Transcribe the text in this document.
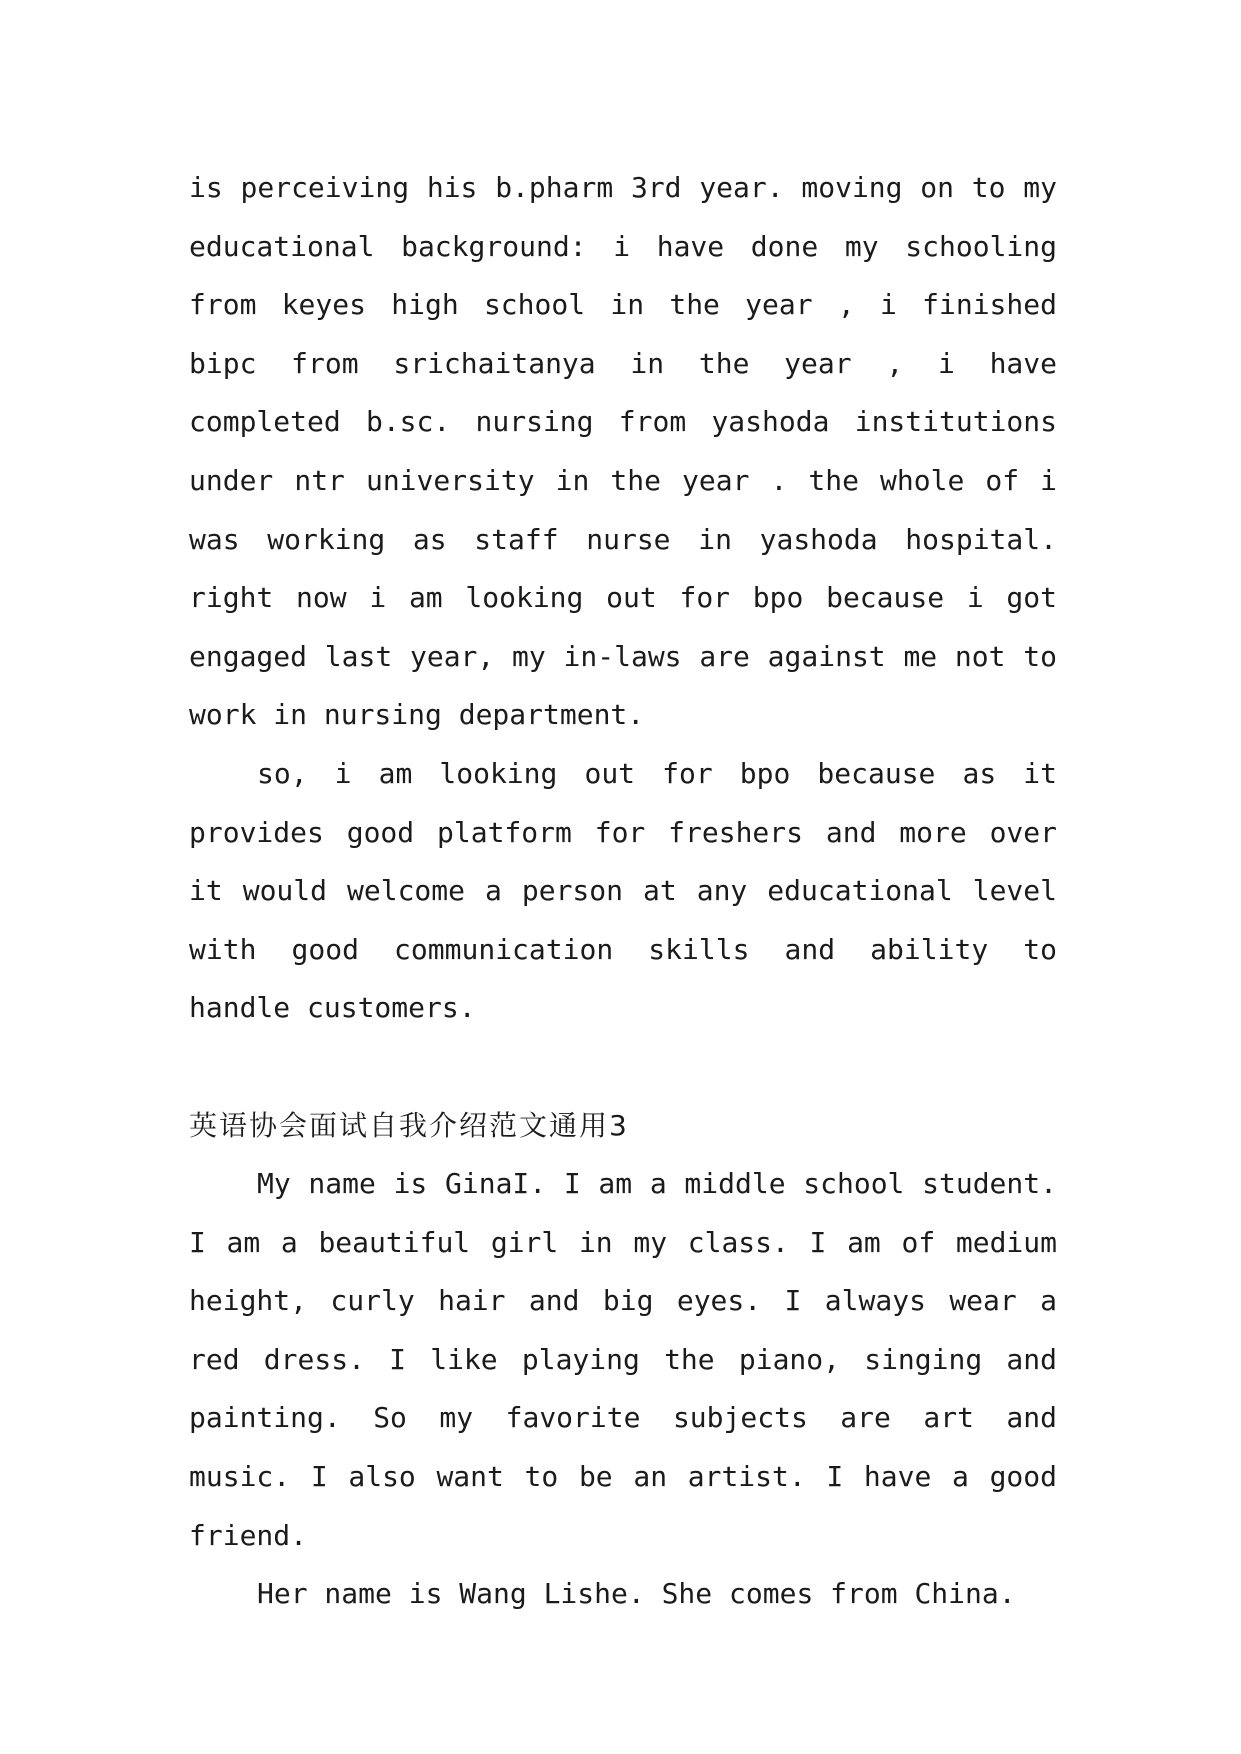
is perceiving his b.pharm 3rd year. moving on to my educational background: i have done my schooling from keyes high school in the year , i finished bipc from srichaitanya in the year , i have completed b.sc. nursing from yashoda institutions under ntr university in the year . the whole of i was working as staff nurse in yashoda hospital. right now i am looking out for bpo because i got engaged last year, my in-laws are against me not to work in nursing department.

so, i am looking out for bpo because as it provides good platform for freshers and more over it would welcome a person at any educational level with good communication skills and ability to handle customers.

英语协会面试自我介绍范文通用3

My name is GinaI. I am a middle school student. I am a beautiful girl in my class. I am of medium height, curly hair and big eyes. I always wear a red dress. I like playing the piano, singing and painting. So my favorite subjects are art and music. I also want to be an artist. I have a good friend.

Her name is Wang Lishe. She comes from China.
